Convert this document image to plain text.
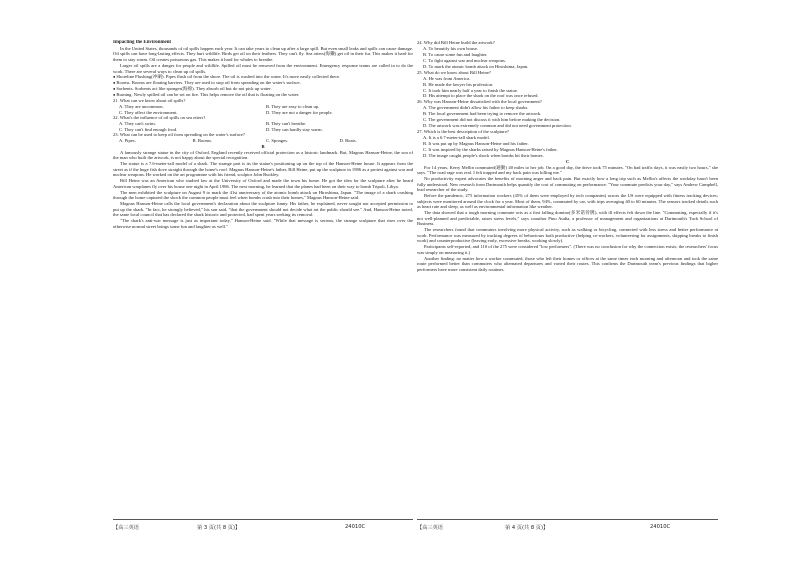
Impacting the Environment

In the United States, thousands of oil spills happen each year. It can take years to clean up after a large spill. But even small leaks and spills can cause damage. Oil spills can have long-lasting effects. They hurt wildlife. Birds get oil on their feathers. They can't fly. Sea otters(海獭) get oil in their fur. This makes it hard for them to stay warm. Oil creates poisonous gas. This makes it hard for whales to breathe.

Larger oil spills are a danger for people and wildlife. Spilled oil must be removed from the environment. Emergency response teams are called in to do the work. There are several ways to clean up oil spills.

● Shoreline Flushing(冲刷). Pipes flush oil from the shore. The oil is washed into the water. It's more easily collected there.

● Booms. Booms are floating barriers. They are used to stop oil from spreading on the water's surface.

● Sorbents. Sorbents act like sponges(海绵). They absorb oil but do not pick up water.

● Burning. Newly spilled oil can be set on fire. This helps remove the oil that is floating on the water.

21. What can we know about oil spills?

A. They are uncommon.	B. They are easy to clean up.
C. They affect the environment.	D. They are not a danger for people.

22. What's the influence of oil spills on sea otters?

A. They can't swim.	B. They can't breathe.
C. They can't find enough food.	D. They can hardly stay warm.

23. What can be used to keep oil from spreading on the water's surface?

A. Pipes.	B. Booms.	C. Sponges.	D. Boats.

B

A famously strange statue in the city of Oxford, England recently received official protection as a historic landmark. But, Magnus Hanson-Heine, the son of the man who built the artwork, is not happy about the special recognition.

The statue is a 7.6-meter-tall model of a shark. The strange part is its the statue's positioning up on the top of the Hanson-Heine house. It appears from the street as if the huge fish dove straight through the home's roof. Magnus Hanson-Heine's father, Bill Heine, put up the sculpture in 1986 as a protest against war and nuclear weapons. He worked on the art programme with his friend, sculptor John Buckley.

Bill Heine was an American who studied law at the University of Oxford and made the town his home. He got the idea for the sculpture after he heard American warplanes fly over his house one night in April 1986. The next morning, he learned that the planes had been on their way to bomb Tripoli, Libya.

The men exhibited the sculpture on August 9 to mark the 41st anniversary of the atomic bomb attack on Hiroshima, Japan. "The image of a shark crashing through the home captured the shock the common people must feel when bombs crash into their homes," Magnus Hanson-Heine said.

Magnus Hanson-Heine calls the local government's declaration about the sculpture funny. His father, he explained, never sought nor accepted permission to put up the shark. "In fact, he strongly believed," his son said, "that the government should not decide what art the public should see." And, Hanson-Heine noted, the same local council that has declared the shark historic and protected, had spent years seeking its removal.

"The shark's anti-war message is just as important today," Hanson-Heine said. "While that message is serious, the strange sculpture that rises over the otherwise normal street brings some fun and laughter as well."

【高三英语	第 3 页(共 8 页)】	24010C

24. Why did Bill Heine build the artwork?

A. To beautify his own house.

B. To cause some fun and laughter.

C. To fight against war and nuclear weapons.

D. To mark the atomic bomb attack on Hiroshima, Japan.

25. What do we know about Bill Heine?

A. He was from America.

B. He made the lawyer his profession.

C. It took him nearly half a year to finish the statue.

D. His attempt to place the shark on the roof was once refused.

26. Why was Hanson-Heine dissatisfied with the local government?

A. The government didn't allow his father to keep sharks.

B. The local government had been trying to remove the artwork.

C. The government did not discuss it with him before making the decision.

D. The artwork was extremely common and did not need government protection.

27. Which is the best description of the sculpture?

A. It is a 6.7-meter-tall shark model.

B. It was put up by Magnus Hanson-Heine and his father.

C. It was inspired by the sharks raised by Magnus Hanson-Heine's father.

D. The image caught people's shock when bombs hit their homes.

C

For 14 years, Kerry Mellin commuted(通勤) 40 miles to her job. On a good day, the drive took 75 minutes. "On bad traffic days, it was easily two hours," she says. "The road rage was real. I felt trapped and my back pain was killing me."

No productivity expert advocates the benefits of morning anger and back pain. But exactly how a long trip such as Mellin's affects the workday hasn't been fully understood. New research from Dartmouth helps quantify the cost of commuting on performance. "Your commute predicts your day," says Andrew Campbell, lead researcher of the study.

Before the pandemic, 275 information workers (45% of them were employed by tech companies) across the US were equipped with fitness tracking devices; subjects were monitored around the clock for a year. Most of them, 94%, commuted by car, with trips averaging 40 to 60 minutes. The sensors tracked details such as heart rate and sleep, as well as environmental information like weather.

The data showed that a tough morning commute acts as a first falling domino(多米诺骨牌), with ill effects felt down the line. "Commuting, especially if it's not well-planned and predictable, raises stress levels," says coauthor Pino Audia, a professor of management and organizations at Dartmouth's Tuck School of Business.

The researchers found that commuters involving more physical activity, such as walking or bicycling, connected with less stress and better performance at work. Performance was measured by tracking degrees of behaviours both productive (helping co-workers, volunteering for assignments, skipping breaks to finish work) and counterproductive (leaving early, excessive breaks, working slowly).

Participants self-reported, and 110 of the 275 were considered "low performers". (There was no conclusion for why the connection exists; the researchers' focus was simply on measuring it.)

Another finding: no matter how a worker commuted, those who left their homes or offices at the same times each morning and afternoon and took the same route performed better than commuters who alternated departures and varied their routes. This confirms the Dartmouth team's previous findings that higher performers have more consistent daily routines.

【高三英语	第 4 页(共 8 页)】	24010C
